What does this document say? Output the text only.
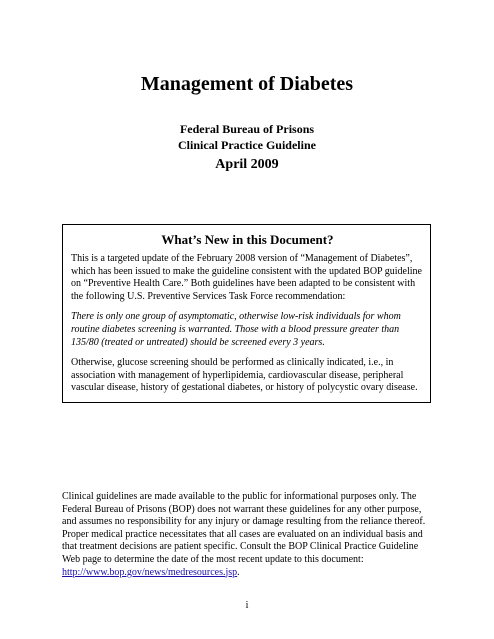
Management of Diabetes
Federal Bureau of Prisons
Clinical Practice Guideline
April 2009
What’s New in this Document?

This is a targeted update of the February 2008 version of “Management of Diabetes”, which has been issued to make the guideline consistent with the updated BOP guideline on “Preventive Health Care.” Both guidelines have been adapted to be consistent with the following U.S. Preventive Services Task Force recommendation:

There is only one group of asymptomatic, otherwise low-risk individuals for whom routine diabetes screening is warranted. Those with a blood pressure greater than 135/80 (treated or untreated) should be screened every 3 years.

Otherwise, glucose screening should be performed as clinically indicated, i.e., in association with management of hyperlipidemia, cardiovascular disease, peripheral vascular disease, history of gestational diabetes, or history of polycystic ovary disease.

Clinical guidelines are made available to the public for informational purposes only. The Federal Bureau of Prisons (BOP) does not warrant these guidelines for any other purpose, and assumes no responsibility for any injury or damage resulting from the reliance thereof. Proper medical practice necessitates that all cases are evaluated on an individual basis and that treatment decisions are patient specific. Consult the BOP Clinical Practice Guideline Web page to determine the date of the most recent update to this document: http://www.bop.gov/news/medresources.jsp.

i
